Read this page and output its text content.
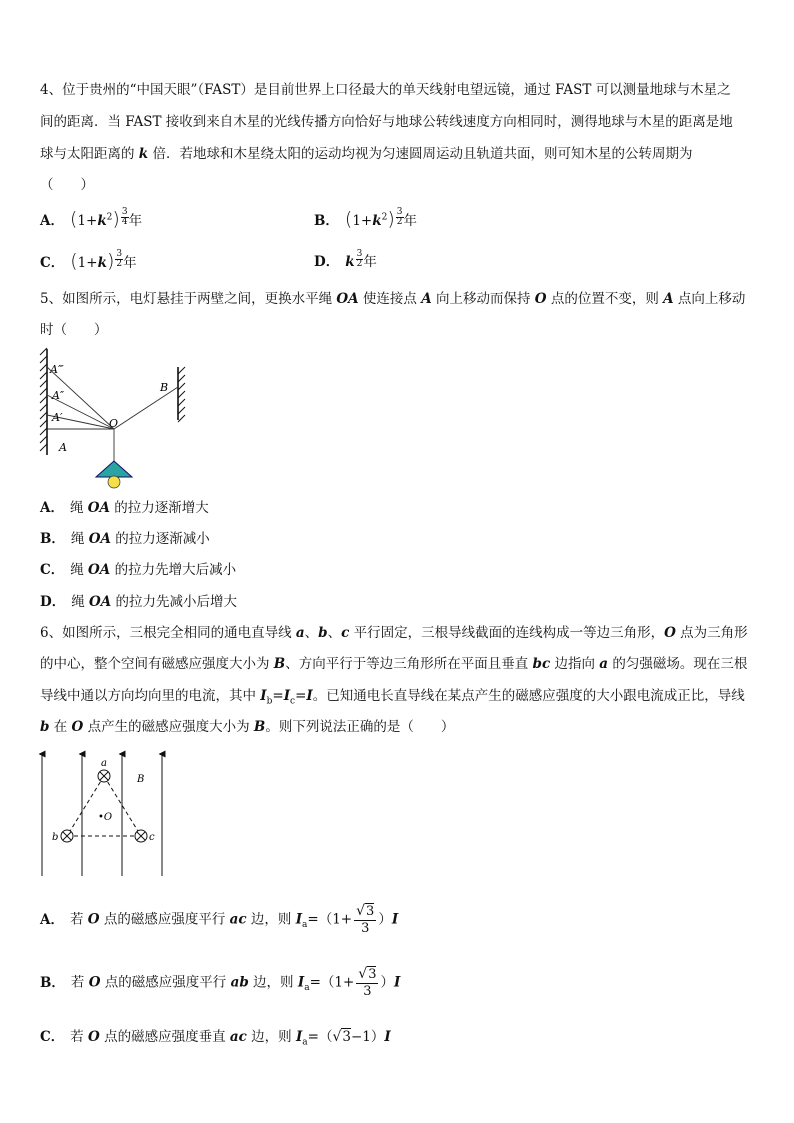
4、位于贵州的“中国天眼”（FAST）是目前世界上口径最大的单天线射电望远镜，通过 FAST 可以测量地球与木星之
间的距离．当 FAST 接收到来自木星的光线传播方向恰好与地球公转线速度方向相同时，测得地球与木星的距离是地
球与太阳距离的 k 倍．若地球和木星绕太阳的运动均视为匀速圆周运动且轨道共面，则可知木星的公转周期为
（　　）
A． $(1+k^2) \frac{3}{4}$ 年	B． $(1+k^2) \frac{3}{2}$ 年
C． $(1+k) \frac{3}{2}$ 年	D． k $\frac{3}{2}$ 年
5、如图所示，电灯悬挂于两壁之间，更换水平绳 OA 使连接点 A 向上移动而保持 O 点的位置不变，则 A 点向上移动
时（　　）
A‴
A″
A′	O
B
A
A． 绳 OA 的拉力逐渐增大
B． 绳 OA 的拉力逐渐减小
C． 绳 OA 的拉力先增大后减小
D． 绳 OA 的拉力先减小后增大
6、如图所示，三根完全相同的通电直导线 a、b、c 平行固定，三根导线截面的连线构成一等边三角形，O 点为三角形
的中心，整个空间有磁感应强度大小为 B、方向平行于等边三角形所在平面且垂直 bc 边指向 a 的匀强磁场。现在三根
导线中通以方向均向里的电流，其中 $I_b=I_c=I$。已知通电长直导线在某点产生的磁感应强度的大小跟电流成正比，导线
b 在 O 点产生的磁感应强度大小为 B。则下列说法正确的是（　　）
a
b	c
•O
B
A． 若 O 点的磁感应强度平行 ac 边，则 $I_a=(1+ \frac{√3}{3} )I$
B． 若 O 点的磁感应强度平行 ab 边，则 $I_a=(1+ \frac{√3}{3} )I$
C． 若 O 点的磁感应强度垂直 ac 边，则 $I_a=(√3-1)I$
